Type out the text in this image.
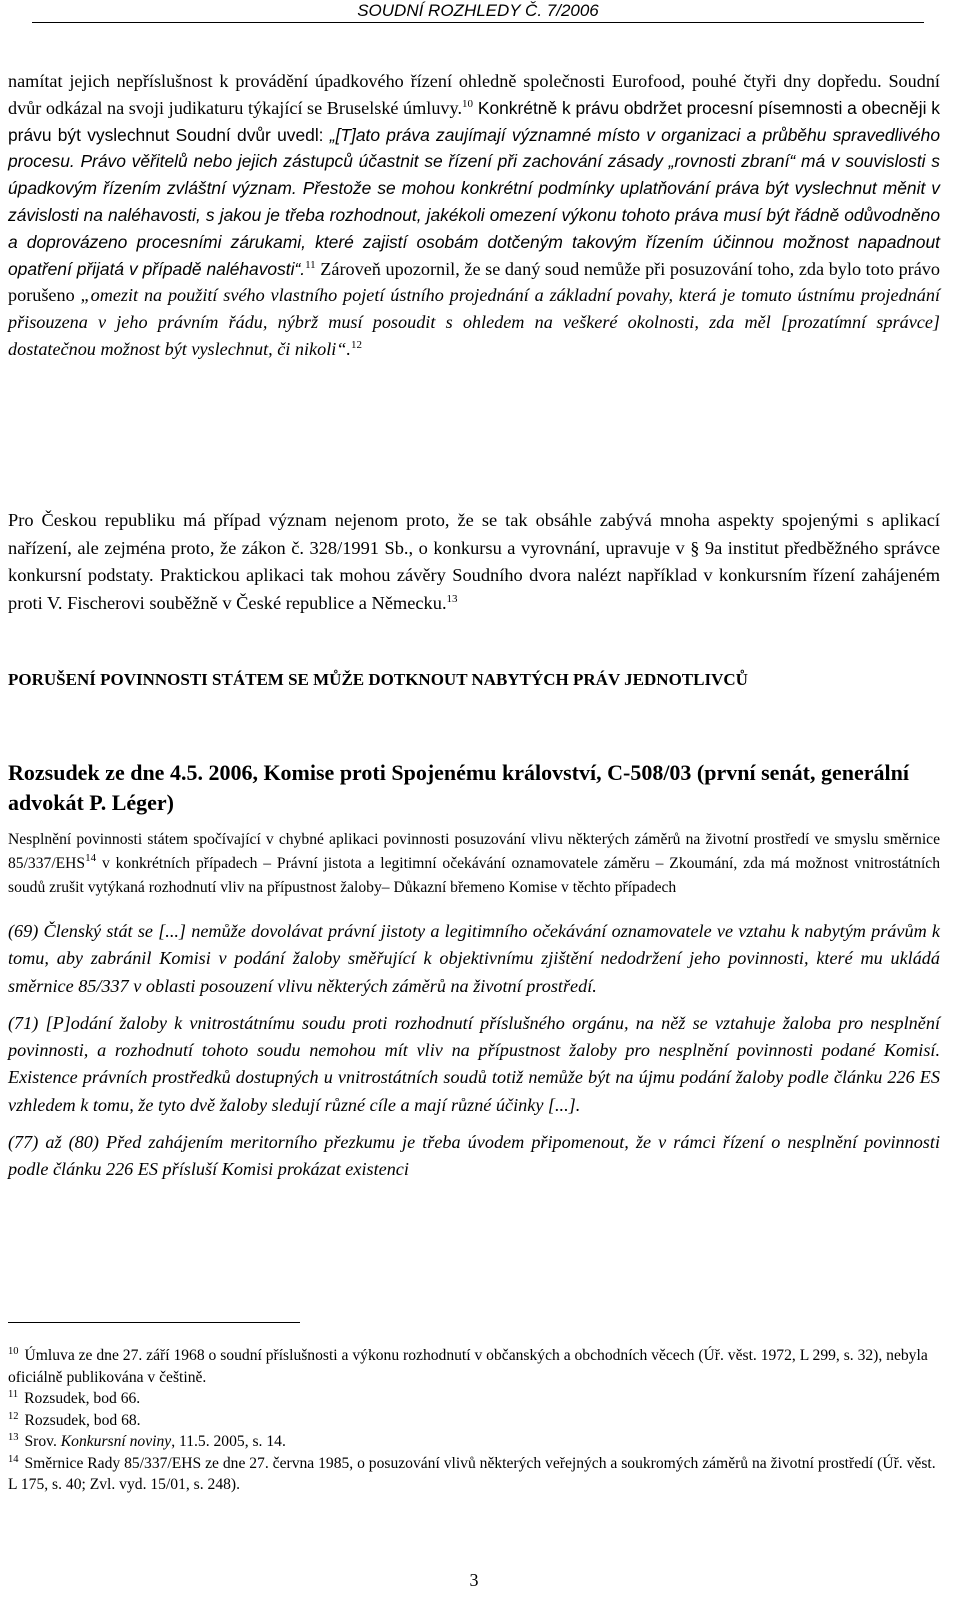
SOUDNÍ ROZHLEDY Č. 7/2006

namítat jejich nepříslušnost k provádění úpadkového řízení ohledně společnosti Eurofood, pouhé čtyři dny dopředu. Soudní dvůr odkázal na svoji judikaturu týkající se Bruselské úmluvy.$^{10}$ Konkrétně k právu obdržet procesní písemnosti a obecněji k právu být vyslechnut Soudní dvůr uvedl: „[T]ato práva zaujímají významné místo v organizaci a průběhu spravedlivého procesu. Právo věřitelů nebo jejich zástupců účastnit se řízení při zachování zásady „rovnosti zbraní“ má v souvislosti s úpadkovým řízením zvláštní význam. Přestože se mohou konkrétní podmínky uplatňování práva být vyslechnut měnit v závislosti na naléhavosti, s jakou je třeba rozhodnout, jakékoli omezení výkonu tohoto práva musí být řádně odůvodněno a doprovázeno procesními zárukami, které zajistí osobám dotčeným takovým řízením účinnou možnost napadnout opatření přijatá v případě naléhavosti“.$^{11}$ Zároveň upozornil, že se daný soud nemůže při posuzování toho, zda bylo toto právo porušeno „omezit na použití svého vlastního pojetí ústního projednání a základní povahy, která je tomuto ústnímu projednání přisouzena v jeho právním řádu, nýbrž musí posoudit s ohledem na veškeré okolnosti, zda měl [prozatímní správce] dostatečnou možnost být vyslechnut, či nikoli“.$^{12}$

Pro Českou republiku má případ význam nejenom proto, že se tak obsáhle zabývá mnoha aspekty spojenými s aplikací nařízení, ale zejména proto, že zákon č. 328/1991 Sb., o konkursu a vyrovnání, upravuje v § 9a institut předběžného správce konkursní podstaty. Praktickou aplikaci tak mohou závěry Soudního dvora nalézt například v konkursním řízení zahájeném proti V. Fischerovi souběžně v České republice a Německu.$^{13}$

PORUŠENÍ POVINNOSTI STÁTEM SE MŮŽE DOTKNOUT NABYTÝCH PRÁV JEDNOTLIVCŮ
Rozsudek ze dne 4.5. 2006, Komise proti Spojenému království, C-508/03 (první senát, generální advokát P. Léger)
Nesplnění povinnosti státem spočívající v chybné aplikaci povinnosti posuzování vlivu některých záměrů na životní prostředí ve smyslu směrnice 85/337/EHS$^{14}$ v konkrétních případech – Právní jistota a legitimní očekávání oznamovatele záměru – Zkoumání, zda má možnost vnitrostátních soudů zrušit vytýkaná rozhodnutí vliv na přípustnost žaloby– Důkazní břemeno Komise v těchto případech

(69) Členský stát se [...] nemůže dovolávat právní jistoty a legitimního očekávání oznamovatele ve vztahu k nabytým právům k tomu, aby zabránil Komisi v podání žaloby směřující k objektivnímu zjištění nedodržení jeho povinnosti, které mu ukládá směrnice 85/337 v oblasti posouzení vlivu některých záměrů na životní prostředí.

(71) [P]odání žaloby k vnitrostátnímu soudu proti rozhodnutí příslušného orgánu, na něž se vztahuje žaloba pro nesplnění povinnosti, a rozhodnutí tohoto soudu nemohou mít vliv na přípustnost žaloby pro nesplnění povinnosti podané Komisí. Existence právních prostředků dostupných u vnitrostátních soudů totiž nemůže být na újmu podání žaloby podle článku 226 ES vzhledem k tomu, že tyto dvě žaloby sledují různé cíle a mají různé účinky [...].

(77) až (80) Před zahájením meritorního přezkumu je třeba úvodem připomenout, že v rámci řízení o nesplnění povinnosti podle článku 226 ES přísluší Komisi prokázat existenci

$^{10}$ Úmluva ze dne 27. září 1968 o soudní příslušnosti a výkonu rozhodnutí v občanských a obchodních věcech (Úř. věst. 1972, L 299, s. 32), nebyla oficiálně publikována v češtině.

$^{11}$ Rozsudek, bod 66.

$^{12}$ Rozsudek, bod 68.

$^{13}$ Srov. Konkursní noviny, 11.5. 2005, s. 14.

$^{14}$ Směrnice Rady 85/337/EHS ze dne 27. června 1985, o posuzování vlivů některých veřejných a soukromých záměrů na životní prostředí (Úř. věst. L 175, s. 40; Zvl. vyd. 15/01, s. 248).

3
